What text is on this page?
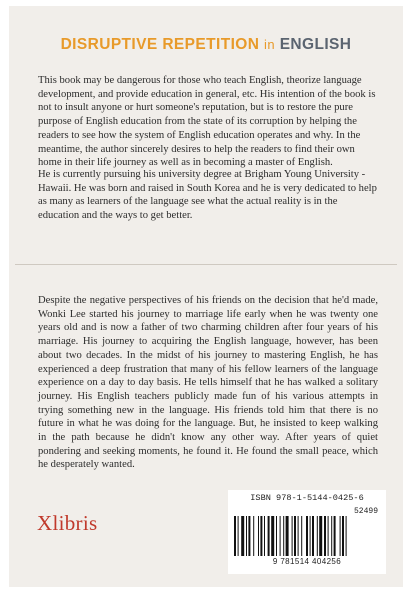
DISRUPTIVE REPETITION in ENGLISH

This book may be dangerous for those who teach English, theorize language development, and provide education in general, etc. His intention of the book is not to insult anyone or hurt someone's reputation, but is to restore the pure purpose of English education from the state of its corruption by helping the readers to see how the system of English education operates and why. In the meantime, the author sincerely desires to help the readers to find their own home in their life journey as well as in becoming a master of English.

He is currently pursuing his university degree at Brigham Young University - Hawaii. He was born and raised in South Korea and he is very dedicated to help as many as learners of the language see what the actual reality is in the education and the ways to get better.

Despite the negative perspectives of his friends on the decision that he'd made, Wonki Lee started his journey to marriage life early when he was twenty one years old and is now a father of two charming children after four years of his marriage. His journey to acquiring the English language, however, has been about two decades. In the midst of his journey to mastering English, he has experienced a deep frustration that many of his fellow learners of the language experience on a day to day basis. He tells himself that he has walked a solitary journey. His English teachers publicly made fun of his various attempts in trying something new in the language. His friends told him that there is no future in what he was doing for the language. But, he insisted to keep walking in the path because he didn't know any other way. After years of quiet pondering and seeking moments, he found it. He found the small peace, which he desperately wanted.

Xlibris
ISBN 978-1-5144-0425-6
52499
9 781514 404256
